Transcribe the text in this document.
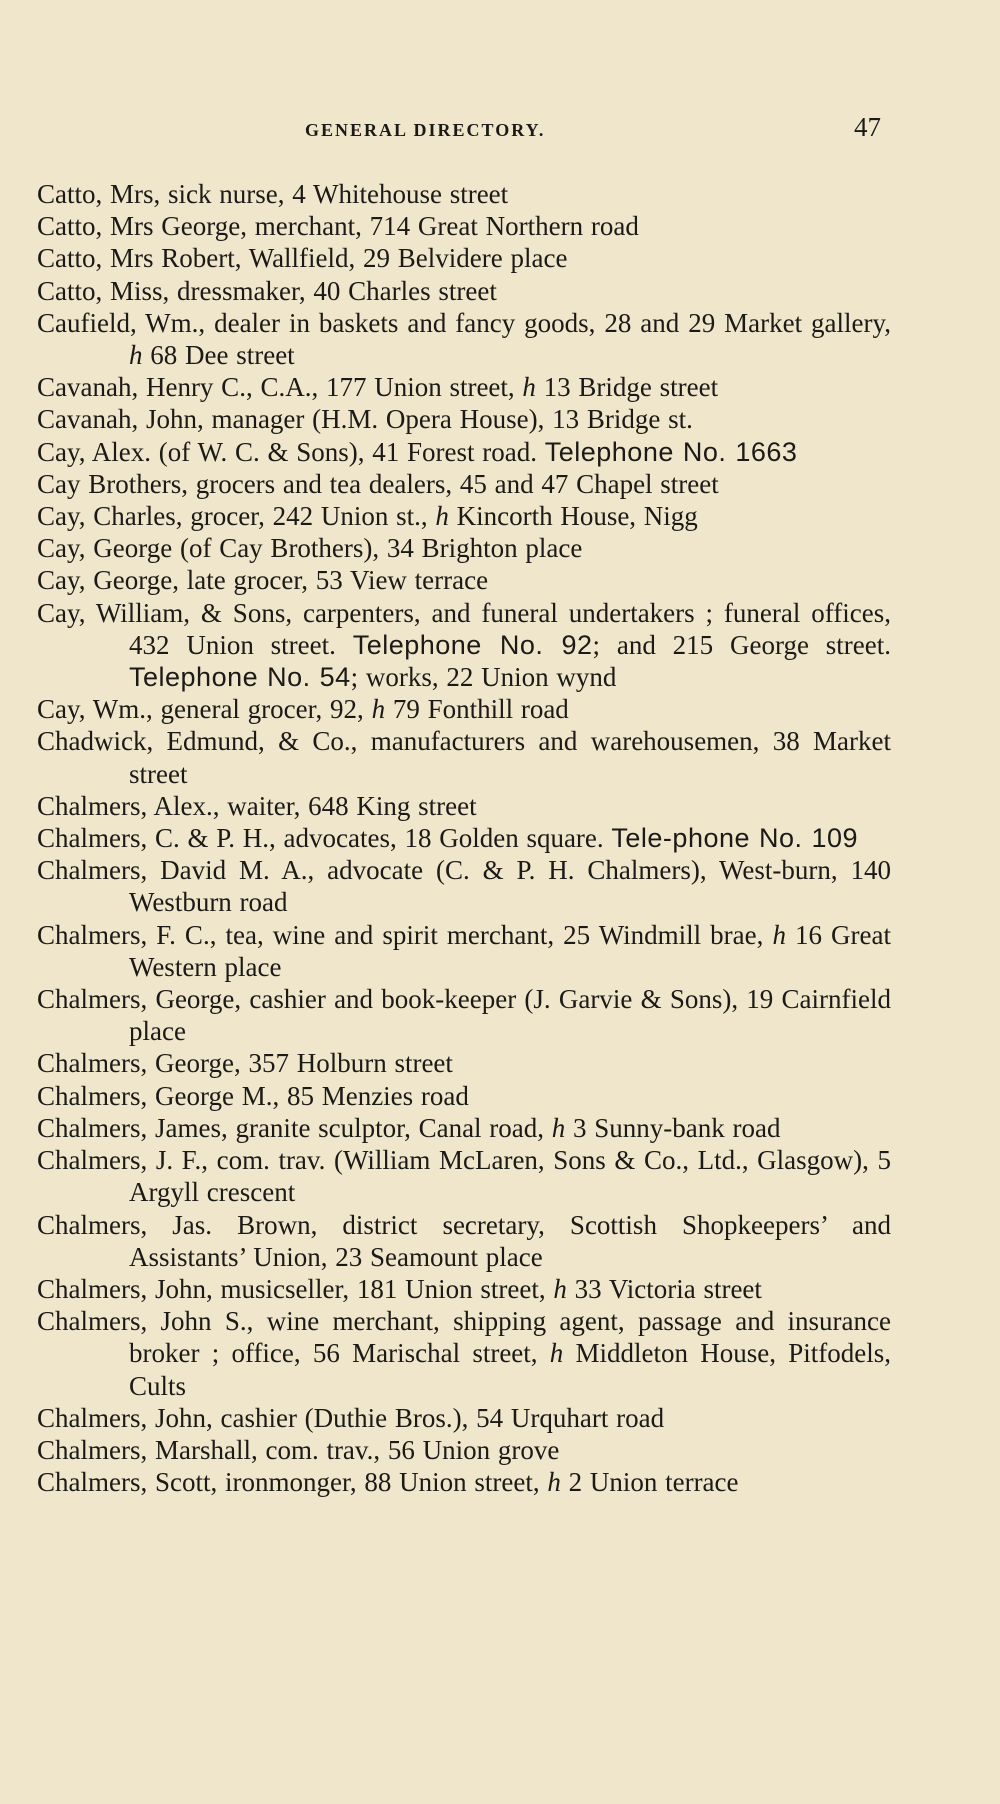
GENERAL DIRECTORY.	47

Catto, Mrs, sick nurse, 4 Whitehouse street

Catto, Mrs George, merchant, 714 Great Northern road

Catto, Mrs Robert, Wallfield, 29 Belvidere place

Catto, Miss, dressmaker, 40 Charles street

Caufield, Wm., dealer in baskets and fancy goods, 28 and 29 Market gallery, h 68 Dee street

Cavanah, Henry C., C.A., 177 Union street, h 13 Bridge street

Cavanah, John, manager (H.M. Opera House), 13 Bridge st.

Cay, Alex. (of W. C. & Sons), 41 Forest road. Telephone No. 1663

Cay Brothers, grocers and tea dealers, 45 and 47 Chapel street

Cay, Charles, grocer, 242 Union st., h Kincorth House, Nigg

Cay, George (of Cay Brothers), 34 Brighton place

Cay, George, late grocer, 53 View terrace

Cay, William, & Sons, carpenters, and funeral undertakers ; funeral offices, 432 Union street. Telephone No. 92; and 215 George street. Telephone No. 54; works, 22 Union wynd

Cay, Wm., general grocer, 92, h 79 Fonthill road

Chadwick, Edmund, & Co., manufacturers and warehousemen, 38 Market street

Chalmers, Alex., waiter, 648 King street

Chalmers, C. & P. H., advocates, 18 Golden square. Tele-phone No. 109

Chalmers, David M. A., advocate (C. & P. H. Chalmers), West-burn, 140 Westburn road

Chalmers, F. C., tea, wine and spirit merchant, 25 Windmill brae, h 16 Great Western place

Chalmers, George, cashier and book-keeper (J. Garvie & Sons), 19 Cairnfield place

Chalmers, George, 357 Holburn street

Chalmers, George M., 85 Menzies road

Chalmers, James, granite sculptor, Canal road, h 3 Sunny-bank road

Chalmers, J. F., com. trav. (William McLaren, Sons & Co., Ltd., Glasgow), 5 Argyll crescent

Chalmers, Jas. Brown, district secretary, Scottish Shopkeepers’ and Assistants’ Union, 23 Seamount place

Chalmers, John, musicseller, 181 Union street, h 33 Victoria street

Chalmers, John S., wine merchant, shipping agent, passage and insurance broker ; office, 56 Marischal street, h Middleton House, Pitfodels, Cults

Chalmers, John, cashier (Duthie Bros.), 54 Urquhart road

Chalmers, Marshall, com. trav., 56 Union grove

Chalmers, Scott, ironmonger, 88 Union street, h 2 Union terrace
